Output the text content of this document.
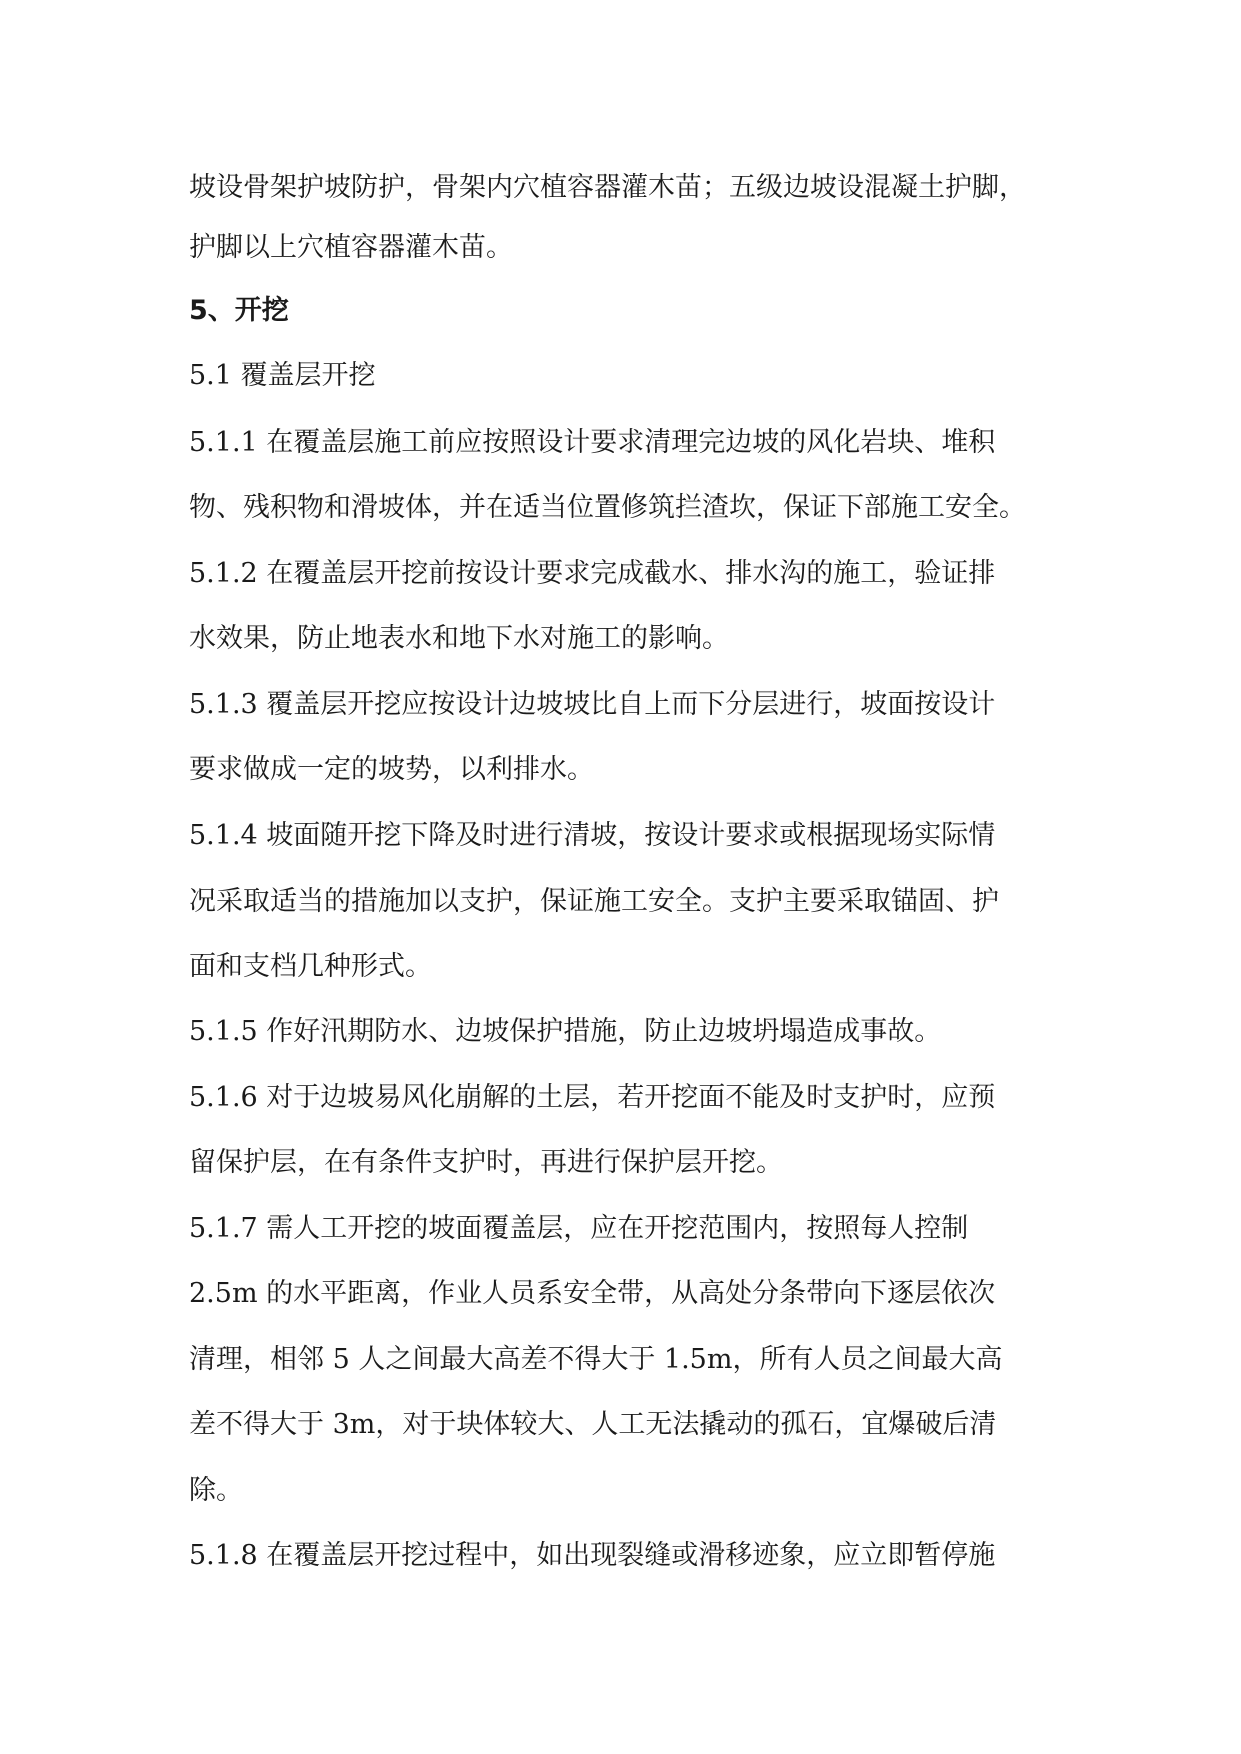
坡设骨架护坡防护，骨架内穴植容器灌木苗；五级边坡设混凝土护脚，
护脚以上穴植容器灌木苗。
5、开挖
5.1 覆盖层开挖
5.1.1 在覆盖层施工前应按照设计要求清理完边坡的风化岩块、堆积
物、残积物和滑坡体，并在适当位置修筑拦渣坎，保证下部施工安全。
5.1.2 在覆盖层开挖前按设计要求完成截水、排水沟的施工，验证排
水效果，防止地表水和地下水对施工的影响。
5.1.3 覆盖层开挖应按设计边坡坡比自上而下分层进行，坡面按设计
要求做成一定的坡势，以利排水。
5.1.4 坡面随开挖下降及时进行清坡，按设计要求或根据现场实际情
况采取适当的措施加以支护，保证施工安全。支护主要采取锚固、护
面和支档几种形式。
5.1.5 作好汛期防水、边坡保护措施，防止边坡坍塌造成事故。
5.1.6 对于边坡易风化崩解的土层，若开挖面不能及时支护时，应预
留保护层，在有条件支护时，再进行保护层开挖。
5.1.7 需人工开挖的坡面覆盖层，应在开挖范围内，按照每人控制
2.5m 的水平距离，作业人员系安全带，从高处分条带向下逐层依次
清理，相邻 5 人之间最大高差不得大于 1.5m，所有人员之间最大高
差不得大于 3m，对于块体较大、人工无法撬动的孤石，宜爆破后清
除。
5.1.8 在覆盖层开挖过程中，如出现裂缝或滑移迹象，应立即暂停施
